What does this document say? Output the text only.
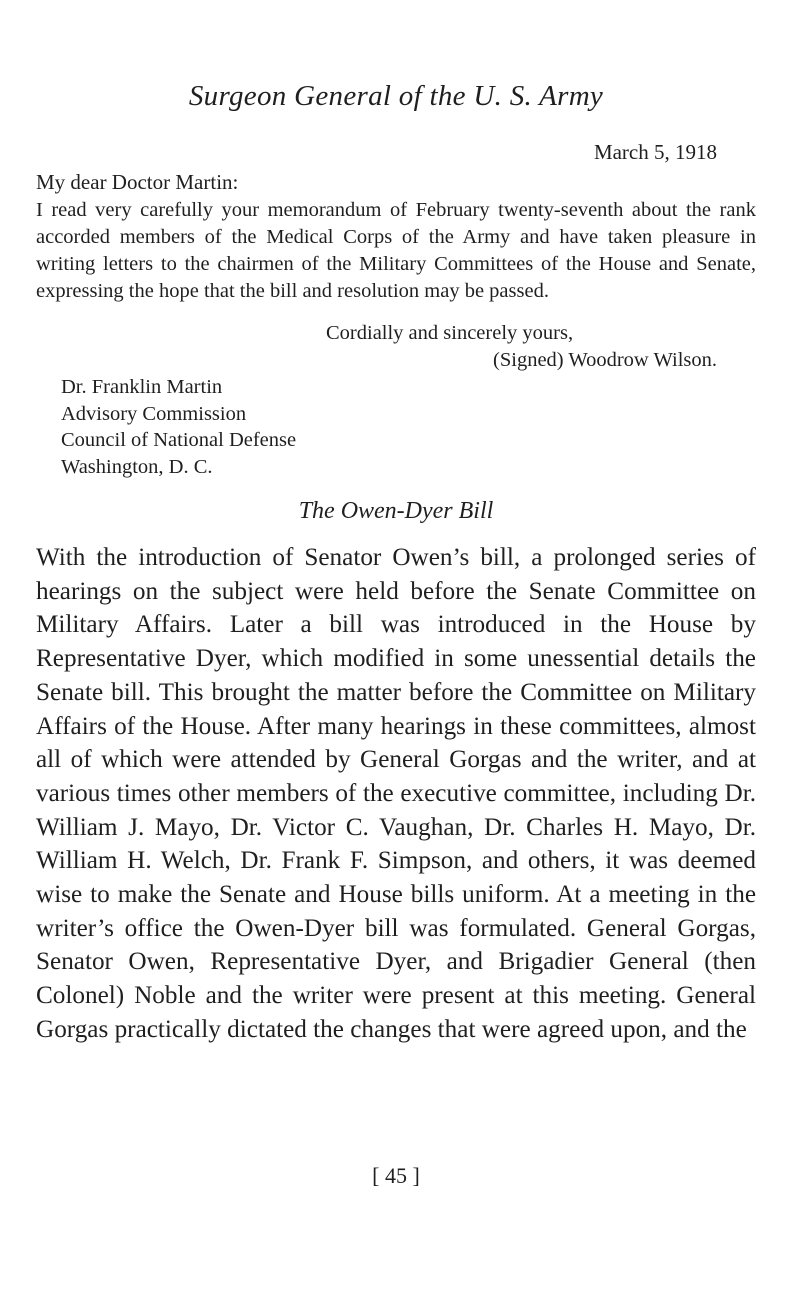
Surgeon General of the U. S. Army
March 5, 1918
My dear Doctor Martin:

I read very carefully your memorandum of February twenty-seventh about the rank accorded members of the Medical Corps of the Army and have taken pleasure in writing letters to the chairmen of the Military Committees of the House and Senate, expressing the hope that the bill and resolution may be passed.

Cordially and sincerely yours,
(Signed) Woodrow Wilson.
Dr. Franklin Martin
Advisory Commission
Council of National Defense
Washington, D. C.
The Owen-Dyer Bill

With the introduction of Senator Owen’s bill, a prolonged series of hearings on the subject were held before the Senate Committee on Military Affairs. Later a bill was introduced in the House by Representative Dyer, which modified in some unessential details the Senate bill. This brought the matter before the Committee on Military Affairs of the House. After many hearings in these committees, almost all of which were attended by General Gorgas and the writer, and at various times other members of the executive committee, including Dr. William J. Mayo, Dr. Victor C. Vaughan, Dr. Charles H. Mayo, Dr. William H. Welch, Dr. Frank F. Simpson, and others, it was deemed wise to make the Senate and House bills uniform. At a meeting in the writer’s office the Owen-Dyer bill was formulated. General Gorgas, Senator Owen, Representative Dyer, and Brigadier General (then Colonel) Noble and the writer were present at this meeting. General Gorgas practically dictated the changes that were agreed upon, and the

[ 45 ]
